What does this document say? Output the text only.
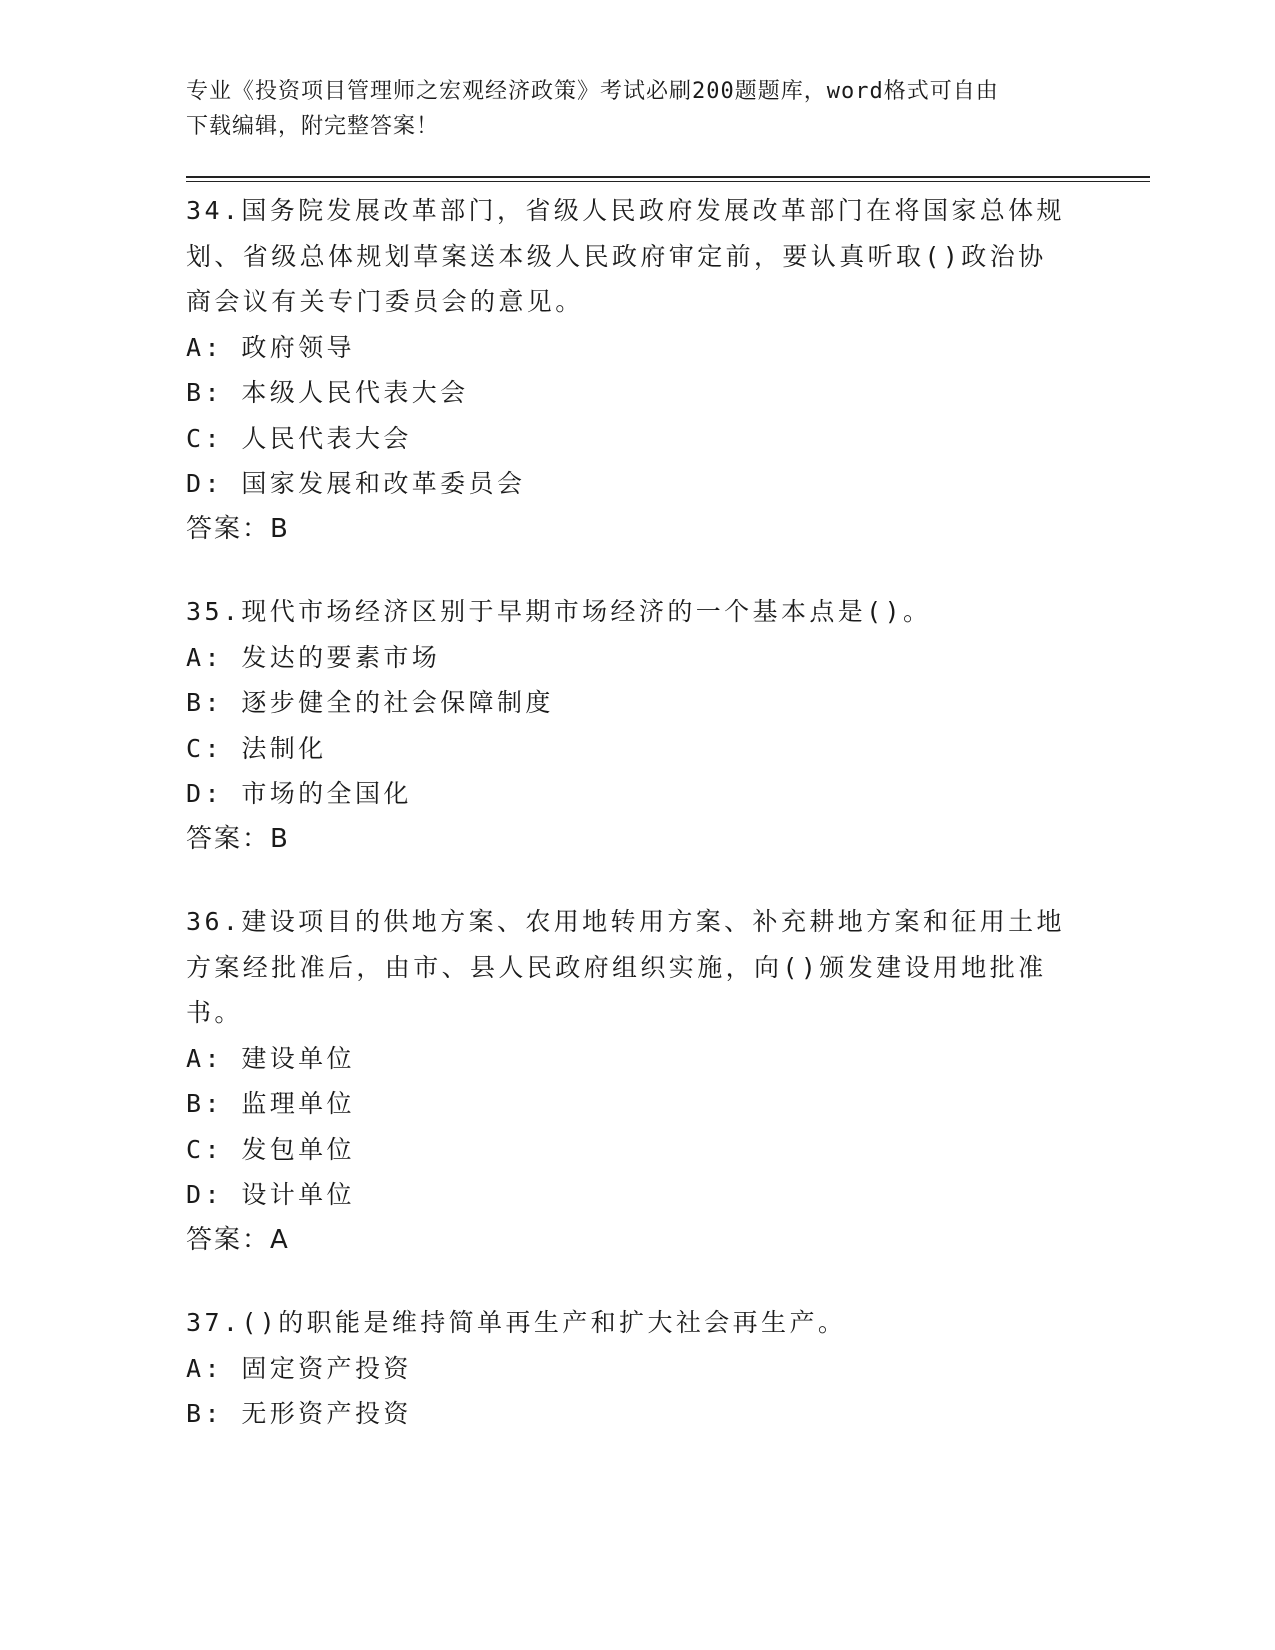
专业《投资项目管理师之宏观经济政策》考试必刷200题题库，word格式可自由
下载编辑，附完整答案！

34.国务院发展改革部门，省级人民政府发展改革部门在将国家总体规

划、省级总体规划草案送本级人民政府审定前，要认真听取()政治协

商会议有关专门委员会的意见。

A: 政府领导

B: 本级人民代表大会

C: 人民代表大会

D: 国家发展和改革委员会

答案：B

35.现代市场经济区别于早期市场经济的一个基本点是()。

A: 发达的要素市场

B: 逐步健全的社会保障制度

C: 法制化

D: 市场的全国化

答案：B

36.建设项目的供地方案、农用地转用方案、补充耕地方案和征用土地

方案经批准后，由市、县人民政府组织实施，向()颁发建设用地批准

书。

A: 建设单位

B: 监理单位

C: 发包单位

D: 设计单位

答案：A

37.()的职能是维持简单再生产和扩大社会再生产。

A: 固定资产投资

B: 无形资产投资
